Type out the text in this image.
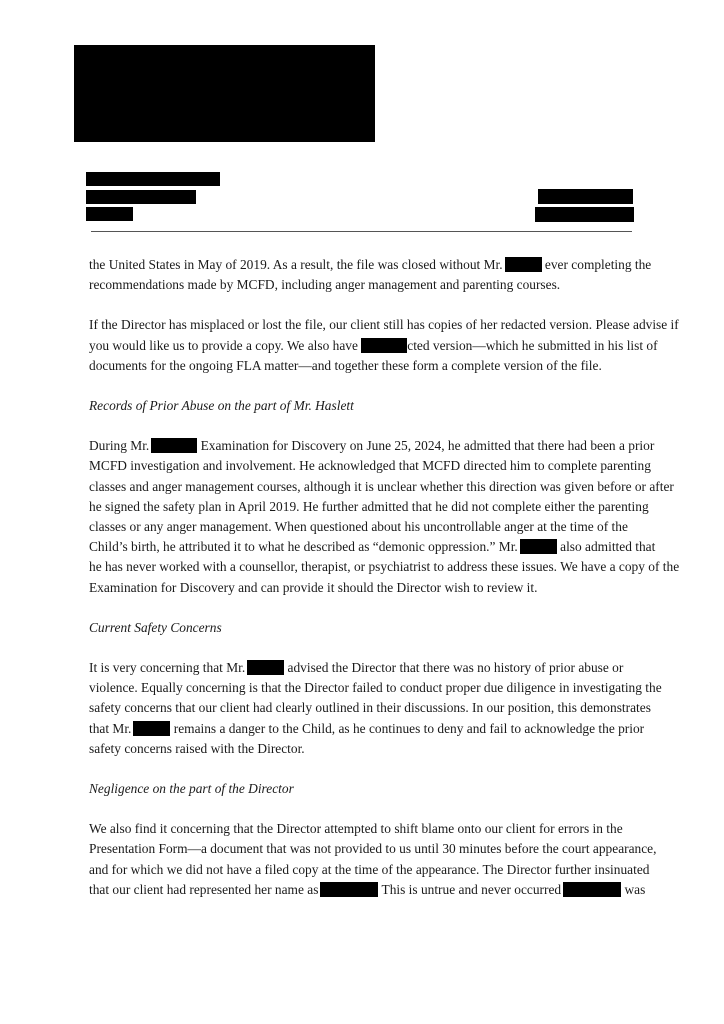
the United States in May of 2019. As a result, the file was closed without Mr.	ever completing the
recommendations made by MCFD, including anger management and parenting courses.

If the Director has misplaced or lost the file, our client still has copies of her redacted version. Please advise if
you would like us to provide a copy. We also have	cted version—which he submitted in his list of
documents for the ongoing FLA matter—and together these form a complete version of the file.

Records of Prior Abuse on the part of Mr. Haslett

During Mr.	Examination for Discovery on June 25, 2024, he admitted that there had been a prior
MCFD investigation and involvement. He acknowledged that MCFD directed him to complete parenting
classes and anger management courses, although it is unclear whether this direction was given before or after
he signed the safety plan in April 2019. He further admitted that he did not complete either the parenting
classes or any anger management. When questioned about his uncontrollable anger at the time of the
Child’s birth, he attributed it to what he described as “demonic oppression.” Mr.	also admitted that
he has never worked with a counsellor, therapist, or psychiatrist to address these issues. We have a copy of the
Examination for Discovery and can provide it should the Director wish to review it.

Current Safety Concerns

It is very concerning that Mr.	advised the Director that there was no history of prior abuse or
violence. Equally concerning is that the Director failed to conduct proper due diligence in investigating the
safety concerns that our client had clearly outlined in their discussions. In our position, this demonstrates
that Mr.	remains a danger to the Child, as he continues to deny and fail to acknowledge the prior
safety concerns raised with the Director.

Negligence on the part of the Director

We also find it concerning that the Director attempted to shift blame onto our client for errors in the
Presentation Form—a document that was not provided to us until 30 minutes before the court appearance,
and for which we did not have a filed copy at the time of the appearance. The Director further insinuated
that our client had represented her name as	This is untrue and never occurred	was
